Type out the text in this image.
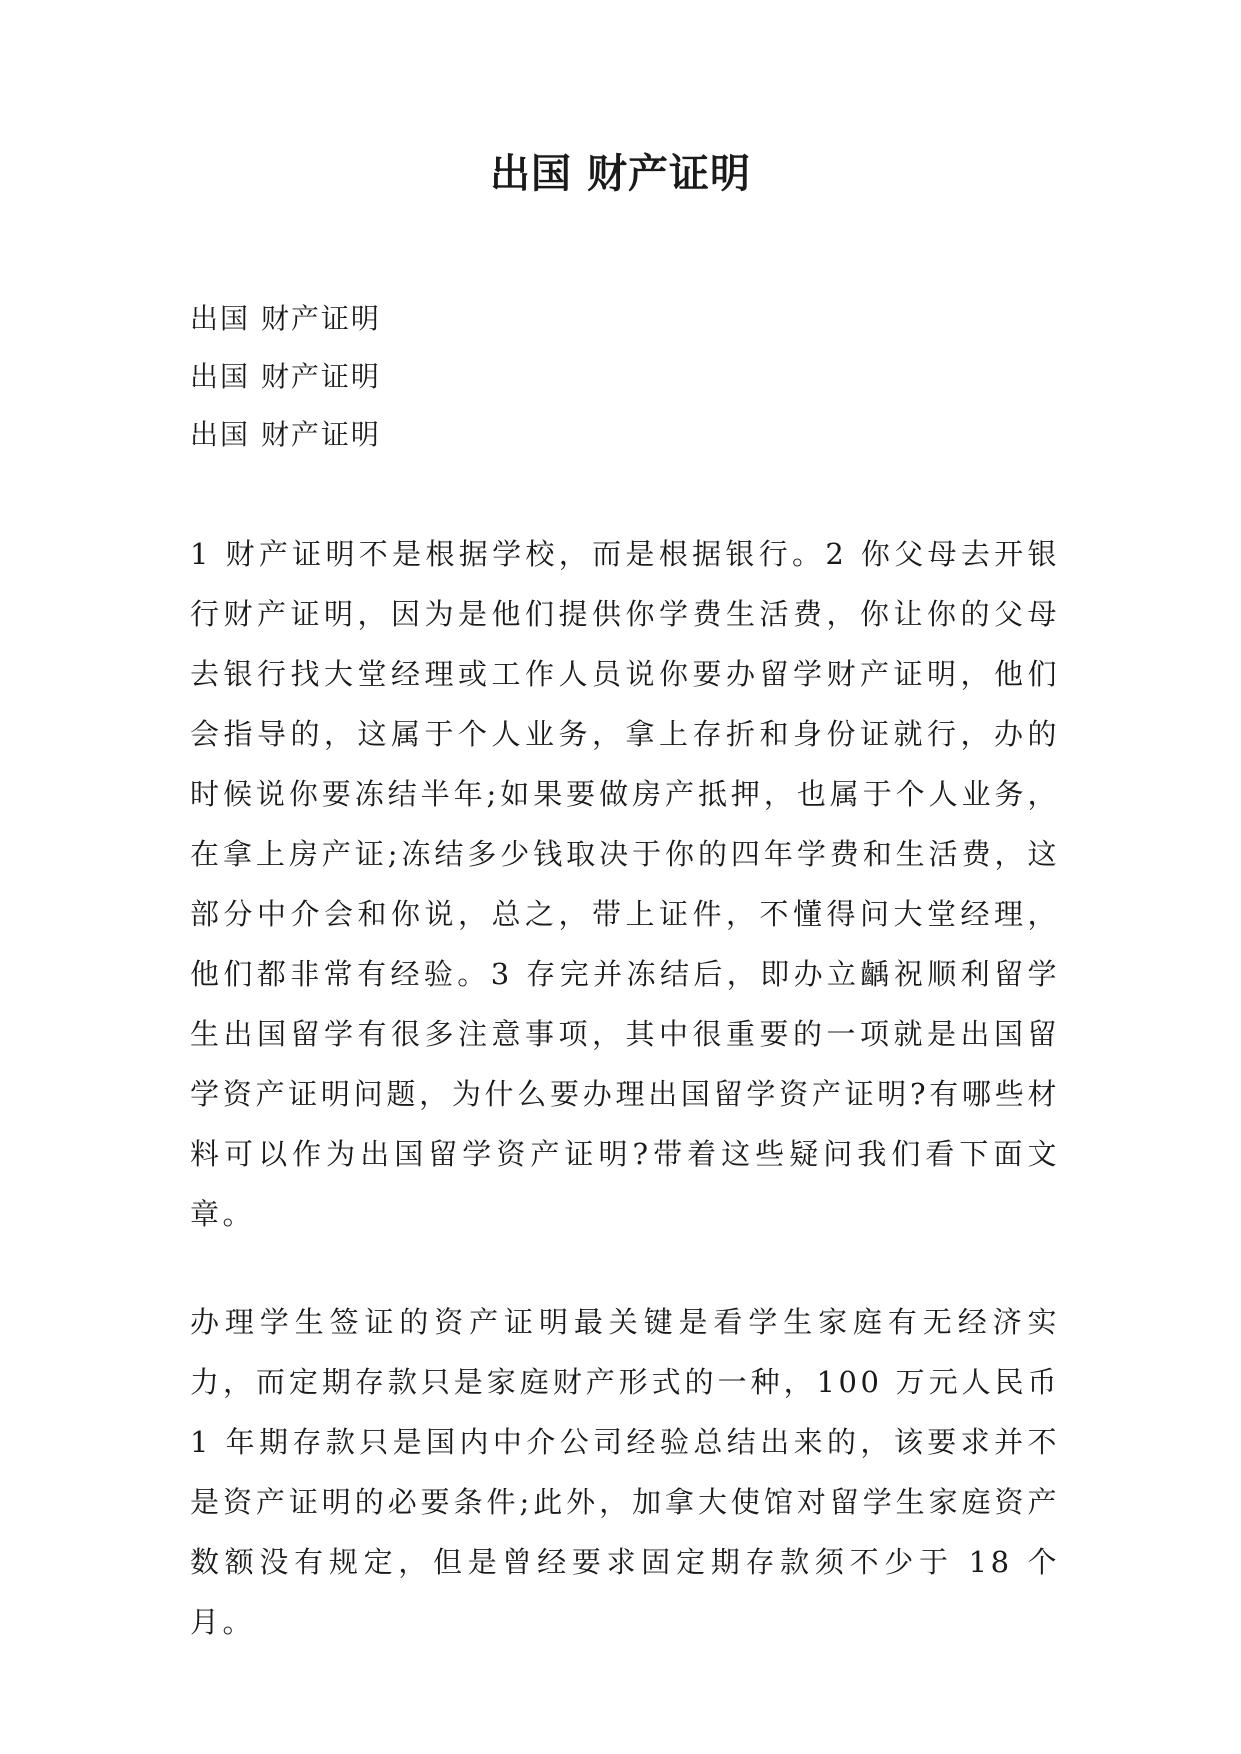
出国 财产证明
出国 财产证明
出国 财产证明
出国 财产证明

1 财产证明不是根据学校，而是根据银行。2 你父母去开银行财产证明，因为是他们提供你学费生活费，你让你的父母去银行找大堂经理或工作人员说你要办留学财产证明，他们会指导的，这属于个人业务，拿上存折和身份证就行，办的时候说你要冻结半年;如果要做房产抵押，也属于个人业务，在拿上房产证;冻结多少钱取决于你的四年学费和生活费，这部分中介会和你说，总之，带上证件，不懂得问大堂经理，他们都非常有经验。3 存完并冻结后，即办立齲祝顺利留学生出国留学有很多注意事项，其中很重要的一项就是出国留学资产证明问题，为什么要办理出国留学资产证明?有哪些材料可以作为出国留学资产证明?带着这些疑问我们看下面文章。

办理学生签证的资产证明最关键是看学生家庭有无经济实力，而定期存款只是家庭财产形式的一种，100 万元人民币 1 年期存款只是国内中介公司经验总结出来的，该要求并不是资产证明的必要条件;此外，加拿大使馆对留学生家庭资产数额没有规定，但是曾经要求固定期存款须不少于 18 个月。
